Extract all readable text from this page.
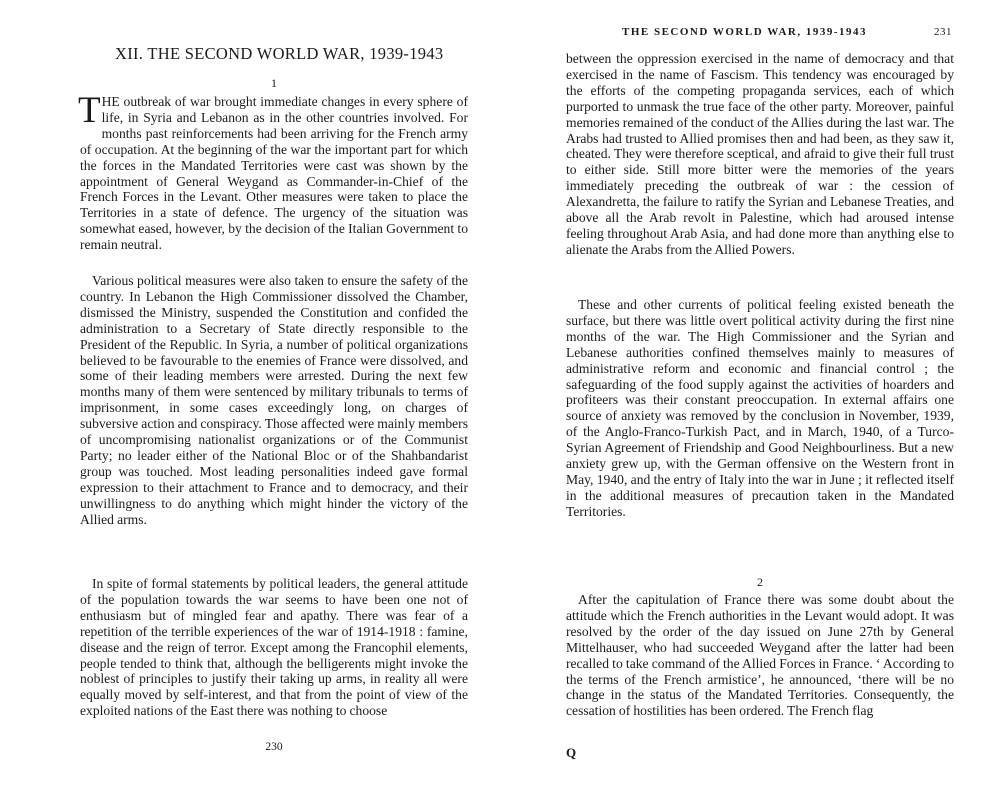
XII. THE SECOND WORLD WAR, 1939-1943
1

THE outbreak of war brought immediate changes in every sphere of life, in Syria and Lebanon as in the other countries involved. For months past reinforcements had been arriving for the French army of occupation. At the beginning of the war the important part for which the forces in the Mandated Territories were cast was shown by the appointment of General Weygand as Commander-in-Chief of the French Forces in the Levant. Other measures were taken to place the Territories in a state of defence. The urgency of the situation was somewhat eased, however, by the decision of the Italian Government to remain neutral.

Various political measures were also taken to ensure the safety of the country. In Lebanon the High Commissioner dissolved the Chamber, dismissed the Ministry, suspended the Constitution and confided the administration to a Secretary of State directly responsible to the President of the Republic. In Syria, a number of political organizations believed to be favourable to the enemies of France were dissolved, and some of their leading members were arrested. During the next few months many of them were sentenced by military tribunals to terms of imprisonment, in some cases exceedingly long, on charges of subversive action and conspiracy. Those affected were mainly members of uncompromising nationalist organizations or of the Communist Party; no leader either of the National Bloc or of the Shahbandarist group was touched. Most leading personalities indeed gave formal expression to their attachment to France and to democracy, and their unwillingness to do anything which might hinder the victory of the Allied arms.

In spite of formal statements by political leaders, the general attitude of the population towards the war seems to have been one not of enthusiasm but of mingled fear and apathy. There was fear of a repetition of the terrible experiences of the war of 1914-1918 : famine, disease and the reign of terror. Except among the Francophil elements, people tended to think that, although the belligerents might invoke the noblest of principles to justify their taking up arms, in reality all were equally moved by self-interest, and that from the point of view of the exploited nations of the East there was nothing to choose

230
THE SECOND WORLD WAR, 1939-1943	231

between the oppression exercised in the name of democracy and that exercised in the name of Fascism. This tendency was encouraged by the efforts of the competing propaganda services, each of which purported to unmask the true face of the other party. Moreover, painful memories remained of the conduct of the Allies during the last war. The Arabs had trusted to Allied promises then and had been, as they saw it, cheated. They were therefore sceptical, and afraid to give their full trust to either side. Still more bitter were the memories of the years immediately preceding the outbreak of war : the cession of Alexandretta, the failure to ratify the Syrian and Lebanese Treaties, and above all the Arab revolt in Palestine, which had aroused intense feeling throughout Arab Asia, and had done more than anything else to alienate the Arabs from the Allied Powers.

These and other currents of political feeling existed beneath the surface, but there was little overt political activity during the first nine months of the war. The High Commissioner and the Syrian and Lebanese authorities confined themselves mainly to measures of administrative reform and economic and financial control ; the safeguarding of the food supply against the activities of hoarders and profiteers was their constant preoccupation. In external affairs one source of anxiety was removed by the conclusion in November, 1939, of the Anglo-Franco-Turkish Pact, and in March, 1940, of a Turco-Syrian Agreement of Friendship and Good Neighbourliness. But a new anxiety grew up, with the German offensive on the Western front in May, 1940, and the entry of Italy into the war in June ; it reflected itself in the additional measures of precaution taken in the Mandated Territories.

2

After the capitulation of France there was some doubt about the attitude which the French authorities in the Levant would adopt. It was resolved by the order of the day issued on June 27th by General Mittelhauser, who had succeeded Weygand after the latter had been recalled to take command of the Allied Forces in France. ‘ According to the terms of the French armistice’, he announced, ‘there will be no change in the status of the Mandated Territories. Consequently, the cessation of hostilities has been ordered. The French flag

Q
